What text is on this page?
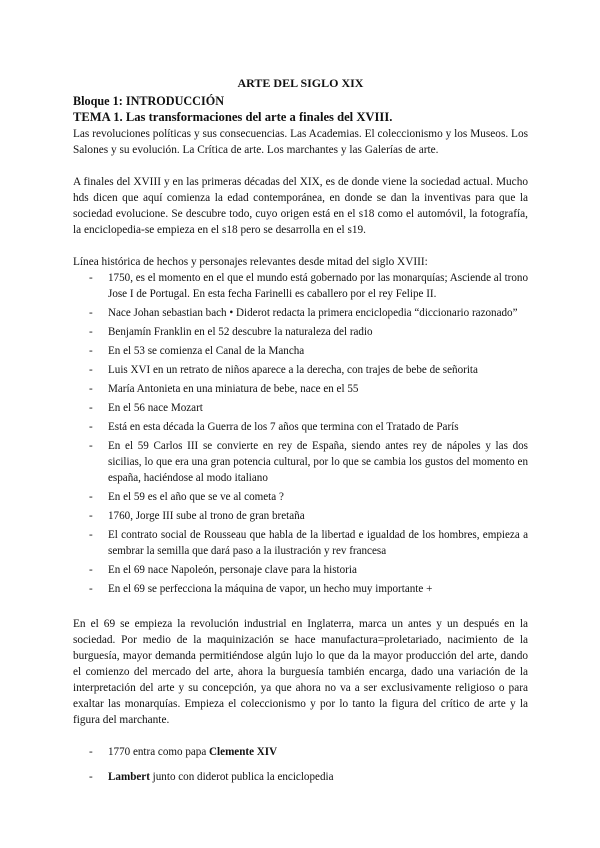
ARTE DEL SIGLO XIX
Bloque 1: INTRODUCCIÓN
TEMA 1. Las transformaciones del arte a finales del XVIII.

Las revoluciones políticas y sus consecuencias. Las Academias. El coleccionismo y los Museos. Los Salones y su evolución. La Crítica de arte. Los marchantes y las Galerías de arte.

A finales del XVIII y en las primeras décadas del XIX, es de donde viene la sociedad actual. Mucho hds dicen que aquí comienza la edad contemporánea, en donde se dan la inventivas para que la sociedad evolucione. Se descubre todo, cuyo origen está en el s18 como el automóvil, la fotografía, la enciclopedia-se empieza en el s18 pero se desarrolla en el s19.

Línea histórica de hechos y personajes relevantes desde mitad del siglo XVIII:

- 1750, es el momento en el que el mundo está gobernado por las monarquías; Asciende al trono Jose I de Portugal. En esta fecha Farinelli es caballero por el rey Felipe II.
- Nace Johan sebastian bach • Diderot redacta la primera enciclopedia “diccionario razonado”
- Benjamín Franklin en el 52 descubre la naturaleza del radio
- En el 53 se comienza el Canal de la Mancha
- Luis XVI en un retrato de niños aparece a la derecha, con trajes de bebe de señorita
- María Antonieta en una miniatura de bebe, nace en el 55
- En el 56 nace Mozart
- Está en esta década la Guerra de los 7 años que termina con el Tratado de París
- En el 59 Carlos III se convierte en rey de España, siendo antes rey de nápoles y las dos sicilias, lo que era una gran potencia cultural, por lo que se cambia los gustos del momento en españa, haciéndose al modo italiano
- En el 59 es el año que se ve al cometa ?
- 1760, Jorge III sube al trono de gran bretaña
- El contrato social de Rousseau que habla de la libertad e igualdad de los hombres, empieza a sembrar la semilla que dará paso a la ilustración y rev francesa
- En el 69 nace Napoleón, personaje clave para la historia
- En el 69 se perfecciona la máquina de vapor, un hecho muy importante +

En el 69 se empieza la revolución industrial en Inglaterra, marca un antes y un después en la sociedad. Por medio de la maquinización se hace manufactura=proletariado, nacimiento de la burguesía, mayor demanda permitiéndose algún lujo lo que da la mayor producción del arte, dando el comienzo del mercado del arte, ahora la burguesía también encarga, dado una variación de la interpretación del arte y su concepción, ya que ahora no va a ser exclusivamente religioso o para exaltar las monarquías. Empieza el coleccionismo y por lo tanto la figura del crítico de arte y la figura del marchante.

- 1770 entra como papa Clemente XIV
- Lambert junto con diderot publica la enciclopedia
